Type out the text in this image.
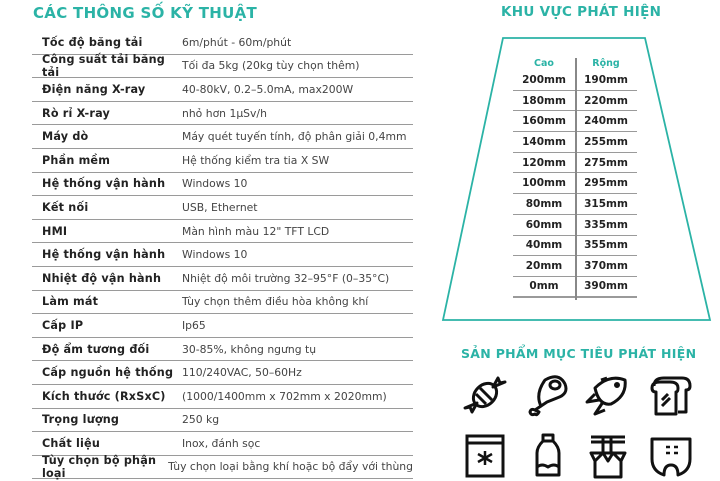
CÁC THÔNG SỐ KỸ THUẬT
Tốc độ băng tải	6m/phút - 60m/phút
Công suất tải băng tải	Tối đa 5kg (20kg tùy chọn thêm)
Điện năng X-ray	40-80kV, 0.2–5.0mA, max200W
Rò rỉ X-ray	nhỏ hơn 1µSv/h
Máy dò	Máy quét tuyến tính, độ phân giải 0,4mm
Phần mềm	Hệ thống kiểm tra tia X SW
Hệ thống vận hành	Windows 10
Kết nối	USB, Ethernet
HMI	Màn hình màu 12" TFT LCD
Hệ thống vận hành	Windows 10
Nhiệt độ vận hành	Nhiệt độ môi trường 32–95°F (0–35°C)
Làm mát	Tùy chọn thêm điều hòa không khí
Cấp IP	Ip65
Độ ẩm tương đối	30-85%, không ngưng tụ
Cấp nguồn hệ thống 110/240VAC, 50–60Hz
Kích thước (RxSxC)	(1000/1400mm x 702mm x 2020mm)
Trọng lượng	250 kg
Chất liệu	Inox, đánh sọc
Tùy chọn bộ phận loại	Tùy chọn loại bằng khí hoặc bộ đẩy với thùng
KHU VỰC PHÁT HIỆN
Cao	Rộng
200mm	190mm
180mm	220mm
160mm	240mm
140mm	255mm
120mm	275mm
100mm	295mm
80mm	315mm
60mm	335mm
40mm	355mm
20mm	370mm
0mm	390mm
SẢN PHẨM MỤC TIÊU PHÁT HIỆN
